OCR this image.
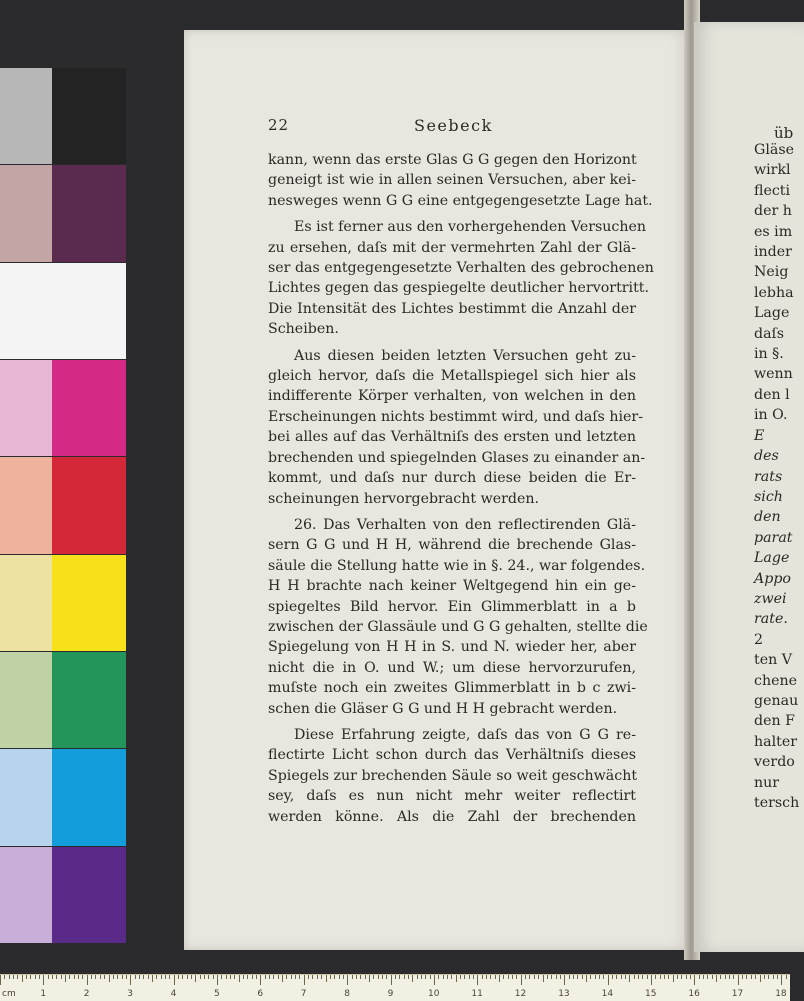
22	Seebeck

kann, wenn das erste Glas G G gegen den Horizont
geneigt ist wie in allen seinen Versuchen, aber kei-
nesweges wenn G G eine entgegengesetzte Lage hat.

Es ist ferner aus den vorhergehenden Versuchen
zu ersehen, daſs mit der vermehrten Zahl der Glä-
ser das entgegengesetzte Verhalten des gebrochenen
Lichtes gegen das gespiegelte deutlicher hervortritt.
Die Intensität des Lichtes bestimmt die Anzahl der
Scheiben.

Aus diesen beiden letzten Versuchen geht zu-
gleich hervor, daſs die Metallspiegel sich hier als
indifferente Körper verhalten, von welchen in den
Erscheinungen nichts bestimmt wird, und daſs hier-
bei alles auf das Verhältniſs des ersten und letzten
brechenden und spiegelnden Glases zu einander an-
kommt, und daſs nur durch diese beiden die Er-
scheinungen hervorgebracht werden.

26. Das Verhalten von den reflectirenden Glä-
sern G G und H H, während die brechende Glas-
säule die Stellung hatte wie in §. 24., war folgendes.
H H brachte nach keiner Weltgegend hin ein ge-
spiegeltes Bild hervor. Ein Glimmerblatt in a b
zwischen der Glassäule und G G gehalten, stellte die
Spiegelung von H H in S. und N. wieder her, aber
nicht die in O. und W.; um diese hervorzurufen,
muſste noch ein zweites Glimmerblatt in b c zwi-
schen die Gläser G G und H H gebracht werden.

Diese Erfahrung zeigte, daſs das von G G re-
flectirte Licht schon durch das Verhältniſs dieses
Spiegels zur brechenden Säule so weit geschwächt
sey, daſs es nun nicht mehr weiter reflectirt
werden könne. Als die Zahl der brechenden

üb
Gläse
wirkl
flecti
der h
es im
inder
Neig
lebha
Lage
daſs
in §.
wenn
den l
in O.
E
des
rats
sich
den
parat
Lage
Appo
zwei
rate.
2
ten V
chene
genau
den F
halter
verdo
nur
tersch
cm	1	2	3	4	5	6	7	8	9	10	11	12	13	14	15	16	17	18
